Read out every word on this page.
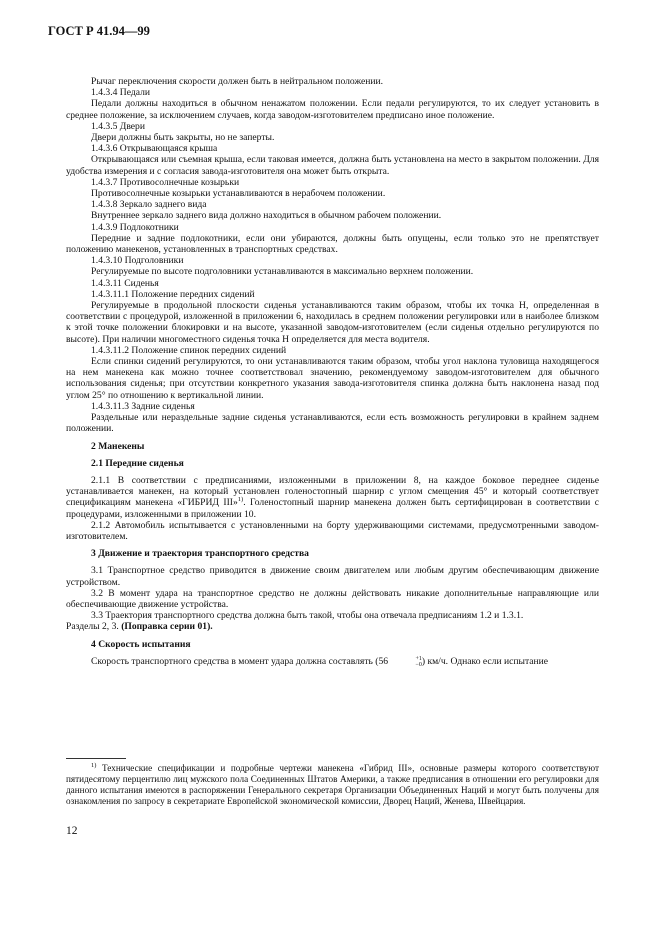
ГОСТ Р 41.94—99

Рычаг переключения скорости должен быть в нейтральном положении.

1.4.3.4 Педали

Педали должны находиться в обычном ненажатом положении. Если педали регулируются, то их следует установить в среднее положение, за исключением случаев, когда заводом-изготовителем предписано иное положение.

1.4.3.5 Двери

Двери должны быть закрыты, но не заперты.

1.4.3.6 Открывающаяся крыша

Открывающаяся или съемная крыша, если таковая имеется, должна быть установлена на место в закрытом положении. Для удобства измерения и с согласия завода-изготовителя она может быть открыта.

1.4.3.7 Противосолнечные козырьки

Противосолнечные козырьки устанавливаются в нерабочем положении.

1.4.3.8 Зеркало заднего вида

Внутреннее зеркало заднего вида должно находиться в обычном рабочем положении.

1.4.3.9 Подлокотники

Передние и задние подлокотники, если они убираются, должны быть опущены, если только это не препятствует положению манекенов, установленных в транспортных средствах.

1.4.3.10 Подголовники

Регулируемые по высоте подголовники устанавливаются в максимально верхнем положении.

1.4.3.11 Сиденья

1.4.3.11.1 Положение передних сидений

Регулируемые в продольной плоскости сиденья устанавливаются таким образом, чтобы их точка H, определенная в соответствии с процедурой, изложенной в приложении 6, находилась в среднем положении регулировки или в наиболее близком к этой точке положении блокировки и на высоте, указанной заводом-изготовителем (если сиденья отдельно регулируются по высоте). При наличии многоместного сиденья точка H определяется для места водителя.

1.4.3.11.2 Положение спинок передних сидений

Если спинки сидений регулируются, то они устанавливаются таким образом, чтобы угол наклона туловища находящегося на нем манекена как можно точнее соответствовал значению, рекомендуемому заводом-изготовителем для обычного использования сиденья; при отсутствии конкретного указания завода-изготовителя спинка должна быть наклонена назад под углом 25° по отношению к вертикальной линии.

1.4.3.11.3 Задние сиденья

Раздельные или нераздельные задние сиденья устанавливаются, если есть возможность регулировки в крайнем заднем положении.

2 Манекены

2.1 Передние сиденья

2.1.1 В соответствии с предписаниями, изложенными в приложении 8, на каждое боковое переднее сиденье устанавливается манекен, на который установлен голеностопный шарнир с углом смещения 45° и который соответствует спецификациям манекена «ГИБРИД III»$^{1)}$. Голеностопный шарнир манекена должен быть сертифицирован в соответствии с процедурами, изложенными в приложении 10.

2.1.2 Автомобиль испытывается с установленными на борту удерживающими системами, предусмотренными заводом-изготовителем.

3 Движение и траектория транспортного средства

3.1 Транспортное средство приводится в движение своим двигателем или любым другим обеспечивающим движение устройством.

3.2 В момент удара на транспортное средство не должны действовать никакие дополнительные направляющие или обеспечивающие движение устройства.

3.3 Траектория транспортного средства должна быть такой, чтобы она отвечала предписаниям 1.2 и 1.3.1.

Разделы 2, 3. (Поправка серии 01).

4 Скорость испытания

Скорость транспортного средства в момент удара должна составлять (56	+1
−0 ) км/ч. Однако если испытание

$^{1)}$ Технические спецификации и подробные чертежи манекена «Гибрид III», основные размеры которого соответствуют пятидесятому перцентилю лиц мужского пола Соединенных Штатов Америки, а также предписания в отношении его регулировки для данного испытания имеются в распоряжении Генерального секретаря Организации Объединенных Наций и могут быть получены для ознакомления по запросу в секретариате Европейской экономической комиссии, Дворец Наций, Женева, Швейцария.

12
